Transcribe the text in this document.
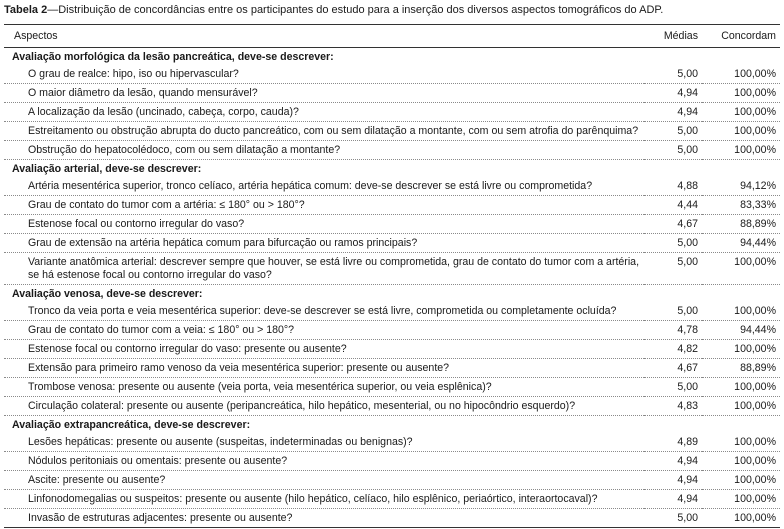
Tabela 2—Distribuição de concordâncias entre os participantes do estudo para a inserção dos diversos aspectos tomográficos do ADP.
Aspectos	Médias	Concordam
Avaliação morfológica da lesão pancreática, deve-se descrever:		
O grau de realce: hipo, iso ou hipervascular?	5,00	100,00%
O maior diâmetro da lesão, quando mensurável?	4,94	100,00%
A localização da lesão (uncinado, cabeça, corpo, cauda)?	4,94	100,00%
Estreitamento ou obstrução abrupta do ducto pancreático, com ou sem dilatação a montante, com ou sem atrofia do parênquima?	5,00	100,00%
Obstrução do hepatocolédoco, com ou sem dilatação a montante?	5,00	100,00%
Avaliação arterial, deve-se descrever:		
Artéria mesentérica superior, tronco celíaco, artéria hepática comum: deve-se descrever se está livre ou comprometida?	4,88	94,12%
Grau de contato do tumor com a artéria: ≤ 180° ou > 180°?	4,44	83,33%
Estenose focal ou contorno irregular do vaso?	4,67	88,89%
Grau de extensão na artéria hepática comum para bifurcação ou ramos principais?	5,00	94,44%
Variante anatômica arterial: descrever sempre que houver, se está livre ou comprometida, grau de contato do tumor com a artéria, se há estenose focal ou contorno irregular do vaso?	5,00	100,00%
Avaliação venosa, deve-se descrever:		
Tronco da veia porta e veia mesentérica superior: deve-se descrever se está livre, comprometida ou completamente ocluída?	5,00	100,00%
Grau de contato do tumor com a veia: ≤ 180° ou > 180°?	4,78	94,44%
Estenose focal ou contorno irregular do vaso: presente ou ausente?	4,82	100,00%
Extensão para primeiro ramo venoso da veia mesentérica superior: presente ou ausente?	4,67	88,89%
Trombose venosa: presente ou ausente (veia porta, veia mesentérica superior, ou veia esplênica)?	5,00	100,00%
Circulação colateral: presente ou ausente (peripancreática, hilo hepático, mesenterial, ou no hipocôndrio esquerdo)?	4,83	100,00%
Avaliação extrapancreática, deve-se descrever:		
Lesões hepáticas: presente ou ausente (suspeitas, indeterminadas ou benignas)?	4,89	100,00%
Nódulos peritoniais ou omentais: presente ou ausente?	4,94	100,00%
Ascite: presente ou ausente?	4,94	100,00%
Linfonodomegalias ou suspeitos: presente ou ausente (hilo hepático, celíaco, hilo esplênico, periaórtico, interaortocaval)?	4,94	100,00%
Invasão de estruturas adjacentes: presente ou ausente?	5,00	100,00%
